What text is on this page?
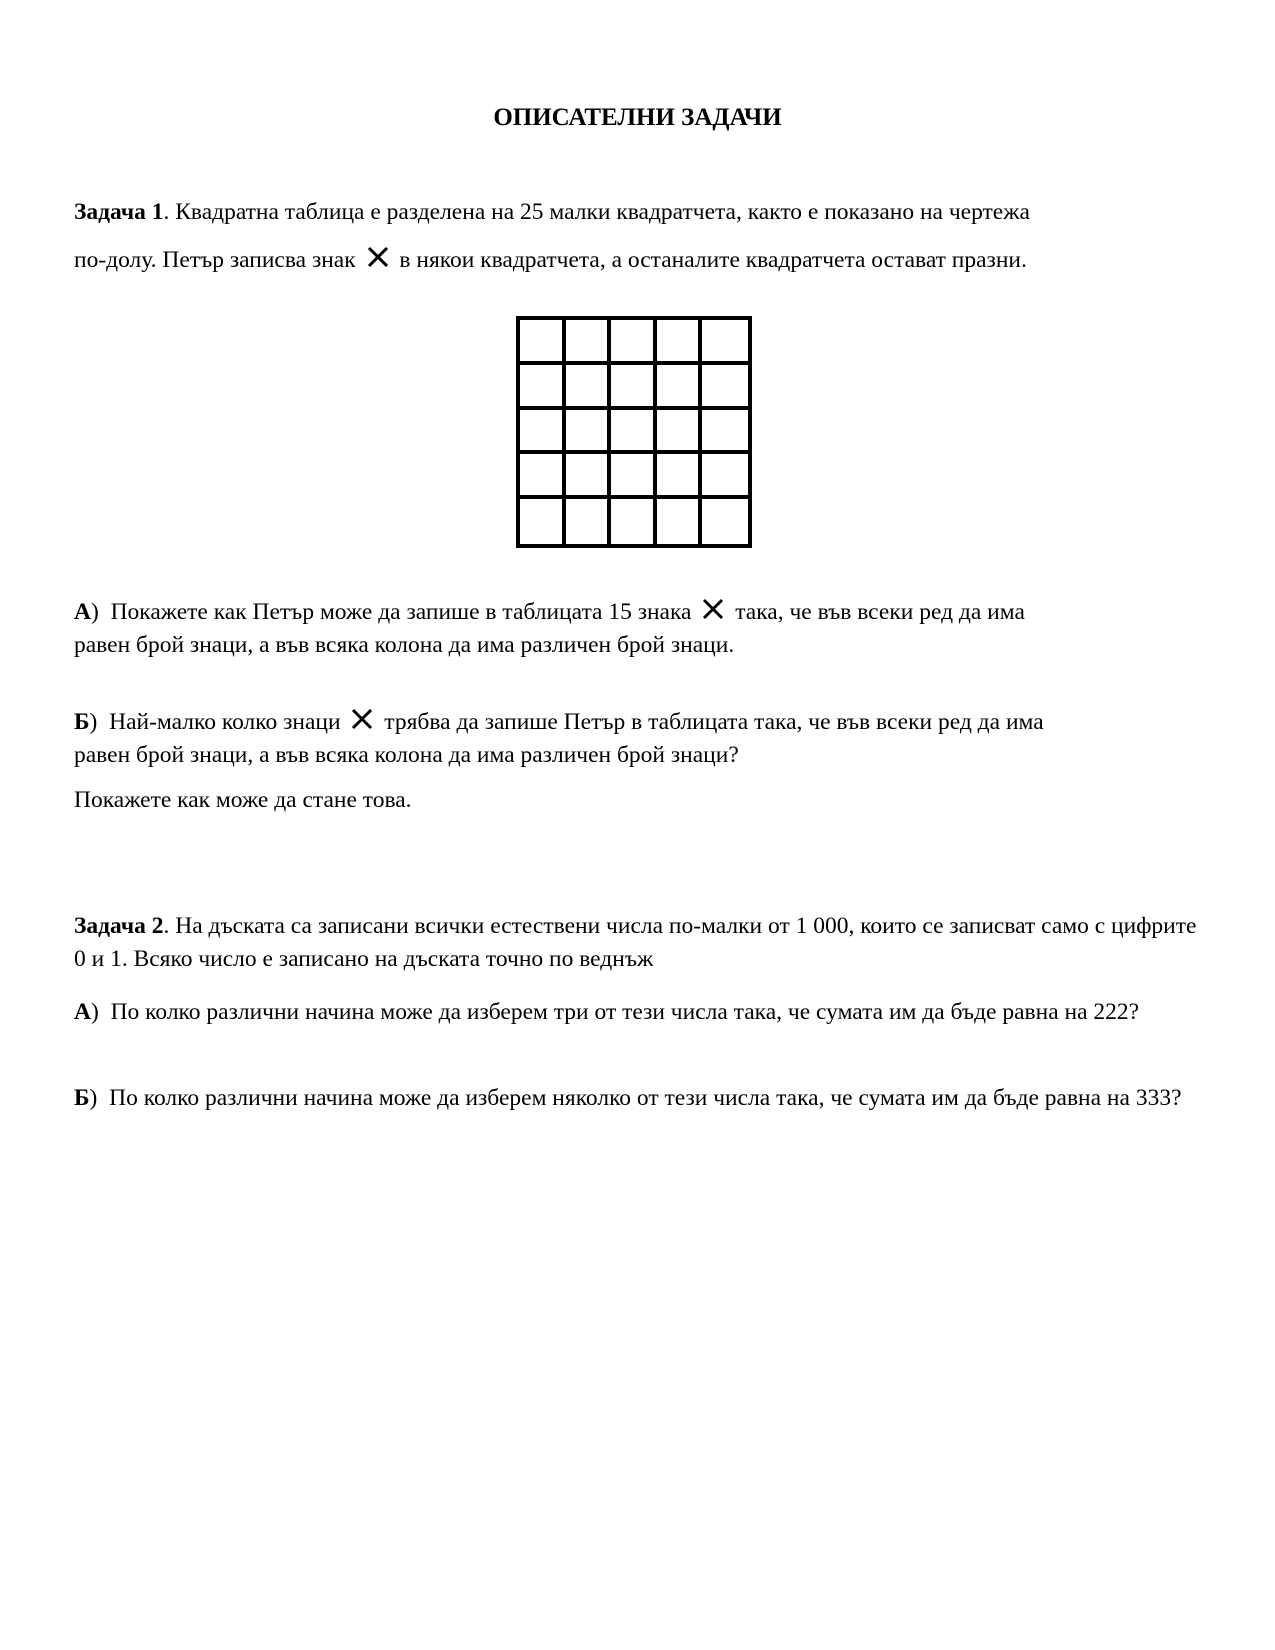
ОПИСАТЕЛНИ ЗАДАЧИ
Задача 1. Квадратна таблица е разделена на 25 малки квадратчета, както е показано на чертежа
по-долу. Петър записва знак в някои квадратчета, а останалите квадратчета остават празни.
А) Покажете как Петър може да запише в таблицата 15 знака така, че във всеки ред да има
равен брой знаци, а във всяка колона да има различен брой знаци.
Б) Най-малко колко знаци трябва да запише Петър в таблицата така, че във всеки ред да има
равен брой знаци, а във всяка колона да има различен брой знаци?
Покажете как може да стане това.
Задача 2. На дъската са записани всички естествени числа по-малки от 1 000, които се записват само с цифрите 0 и 1. Всяко число е записано на дъската точно по веднъж
А) По колко различни начина може да изберем три от тези числа така, че сумата им да бъде равна на 222?
Б) По колко различни начина може да изберем няколко от тези числа така, че сумата им да бъде равна на 333?
